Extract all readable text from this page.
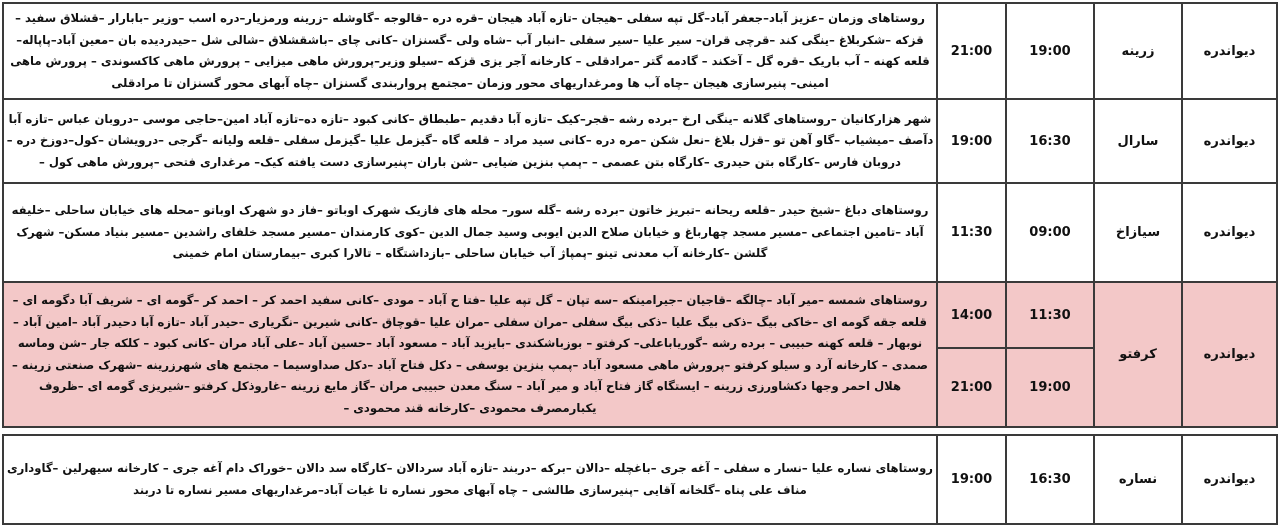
دیواندره	زرینه	19:00	21:00	روستاهای وزمان –عزیز آباد–جعفر آباد–گل تپه سفلی –هیجان –تازه آباد هیجان –قره دره –قالوجه –گاوشله –زرینه ورمزیار–دره اسب –وزیر –بابارار –قشلاق سفید –قزکه –شکربلاغ –ینگی کند –قرچی قران– سیر علیا –سیر سفلی –انبار آب –شاه ولی –گسنزان –کانی چای –باشقشلاق –شالی شل –حیدردیده بان –معین آباد–پاپاله–قلعه کهنه – آب باریک –قره گل – آخکند – گادمه گتر –مرادقلی – کارخانه آجر یزی قزکه –سیلو وزیر–پرورش ماهی میزایی – پرورش ماهی کاکسوندی – پرورش ماهی امینی– پنیرسازی هیجان –چاه آب ها ومرغداریهای محور وزمان –مجتمع پرواربندی گسنزان –چاه آبهای محور گسنزان تا مرادقلی
دیواندره	سارال	16:30	19:00	شهر هزارکانیان –روستاهای گلانه –ینگی ارخ –برده رشه –قجر–کیک –تازه آبا دقدیم –طبطاق –کانی کبود –تازه ده–تازه آباد امین–حاجی موسی –دروبان عباس –تازه آبا دآصف –میشیاب –گاو آهن تو –قزل بلاغ –نعل شکن –مره دره –کانی سید مراد – قلعه گاه –گیزمل علیا –گیزمل سفلی –قلعه ولیانه –گرجی –درویشان –کول–دوزخ دره – دروبان فارس –کارگاه بتن حیدری –کارگاه بتن عصمی – –پمپ بنزین ضیایی –شن باران –پنیرسازی دست یافته کیک– مرغداری فتحی –پرورش ماهی کول –
دیواندره	سیازاخ	09:00	11:30	روستاهای دباغ –شیخ حیدر –قلعه ریحانه –تبریز خاتون –برده رشه –گله سور– محله های فازیک شهرک اوباتو –فاز دو شهرک اوباتو –محله های خیابان ساحلی –خلیفه آباد –تامین اجتماعی –مسیر مسجد چهارباغ و خیابان صلاح الدین ایوبی وسید جمال الدین –کوی کارمندان –مسیر مسجد خلفای راشدین –مسیر بنیاد مسکن– شهرک گلشن –کارخانه آب معدنی تینو –پمپاژ آب خیابان ساحلی –بازداشتگاه – تالارا کبری –بیمارستان امام خمینی
دیواندره	کرفتو	11:30	14:00	روستاهای شمسه –میر آباد –چالگه –قاجیان –جیرامینکه –سه تپان – گل تپه علیا –فتا ح آباد – مودی –کانی سفید احمد کر – احمد کر –گومه ای – شریف آبا دگومه ای – قلعه جقه گومه ای –خاکی بیگ –ذکی بیگ علیا –ذکی بیگ سفلی –مران سفلی –مران علیا –قوچاق –کانی شیرین –نگریاری –حیدر آباد –تازه آبا دحیدر آباد –امین آباد –نوبهار – قلعه کهنه حبیبی – برده رشه –گوریاباعلی– کرفتو – بوزباشکندی –بایزید آباد – مسعود آباد –حسین آباد –علی آباد مران –کانی کبود – کلکه جار –شن وماسه صمدی – کارخانه آرد و سیلو کرفتو –پرورش ماهی مسعود آباد –پمپ بنزین یوسفی – دکل فتاح آباد –دکل صداوسیما – مجتمع های شهرزرینه –شهرک صنعتی زرینه –هلال احمر وجها دکشاورزی زرینه – ایستگاه گاز فتاح آباد و میر آباد – سنگ معدن حبیبی مران –گاز مایع زرینه –غاروذکل کرفتو –شیریزی گومه ای –ظروف یکبارمصرف محمودی –کارخانه قند محمودی –
		19:00	21:00	

دیواندره	نساره	16:30	19:00	روستاهای نساره علیا –نسار ه سفلی – آغه جری –باغچله –دالان –برکه –دربند –تازه آباد سردالان –کارگاه سد دالان –خوراک دام آغه جری – کارخانه سیهرلین –گاوداری مناف علی پناه –گلخانه آقایی –پنیرسازی طالشی – چاه آبهای محور نساره تا غیات آباد–مرغداریهای مسیر نساره تا دربند
